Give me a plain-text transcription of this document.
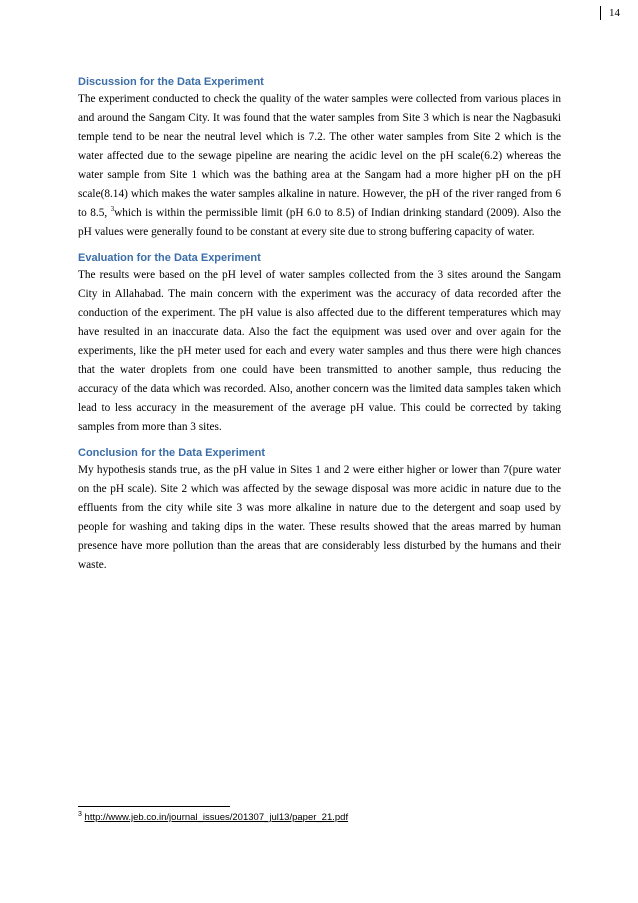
14
Discussion for the Data Experiment

The experiment conducted to check the quality of the water samples were collected from various places in and around the Sangam City. It was found that the water samples from Site 3 which is near the Nagbasuki temple tend to be near the neutral level which is 7.2. The other water samples from Site 2 which is the water affected due to the sewage pipeline are nearing the acidic level on the pH scale(6.2) whereas the water sample from Site 1 which was the bathing area at the Sangam had a more higher pH on the pH scale(8.14) which makes the water samples alkaline in nature. However, the pH of the river ranged from 6 to 8.5, $^3$which is within the permissible limit (pH 6.0 to 8.5) of Indian drinking standard (2009). Also the pH values were generally found to be constant at every site due to strong buffering capacity of water.

Evaluation for the Data Experiment

The results were based on the pH level of water samples collected from the 3 sites around the Sangam City in Allahabad. The main concern with the experiment was the accuracy of data recorded after the conduction of the experiment. The pH value is also affected due to the different temperatures which may have resulted in an inaccurate data. Also the fact the equipment was used over and over again for the experiments, like the pH meter used for each and every water samples and thus there were high chances that the water droplets from one could have been transmitted to another sample, thus reducing the accuracy of the data which was recorded. Also, another concern was the limited data samples taken which lead to less accuracy in the measurement of the average pH value. This could be corrected by taking samples from more than 3 sites.

Conclusion for the Data Experiment

My hypothesis stands true, as the pH value in Sites 1 and 2 were either higher or lower than 7(pure water on the pH scale). Site 2 which was affected by the sewage disposal was more acidic in nature due to the effluents from the city while site 3 was more alkaline in nature due to the detergent and soap used by people for washing and taking dips in the water. These results showed that the areas marred by human presence have more pollution than the areas that are considerably less disturbed by the humans and their waste.

$^3$ http://www.jeb.co.in/journal_issues/201307_jul13/paper_21.pdf
